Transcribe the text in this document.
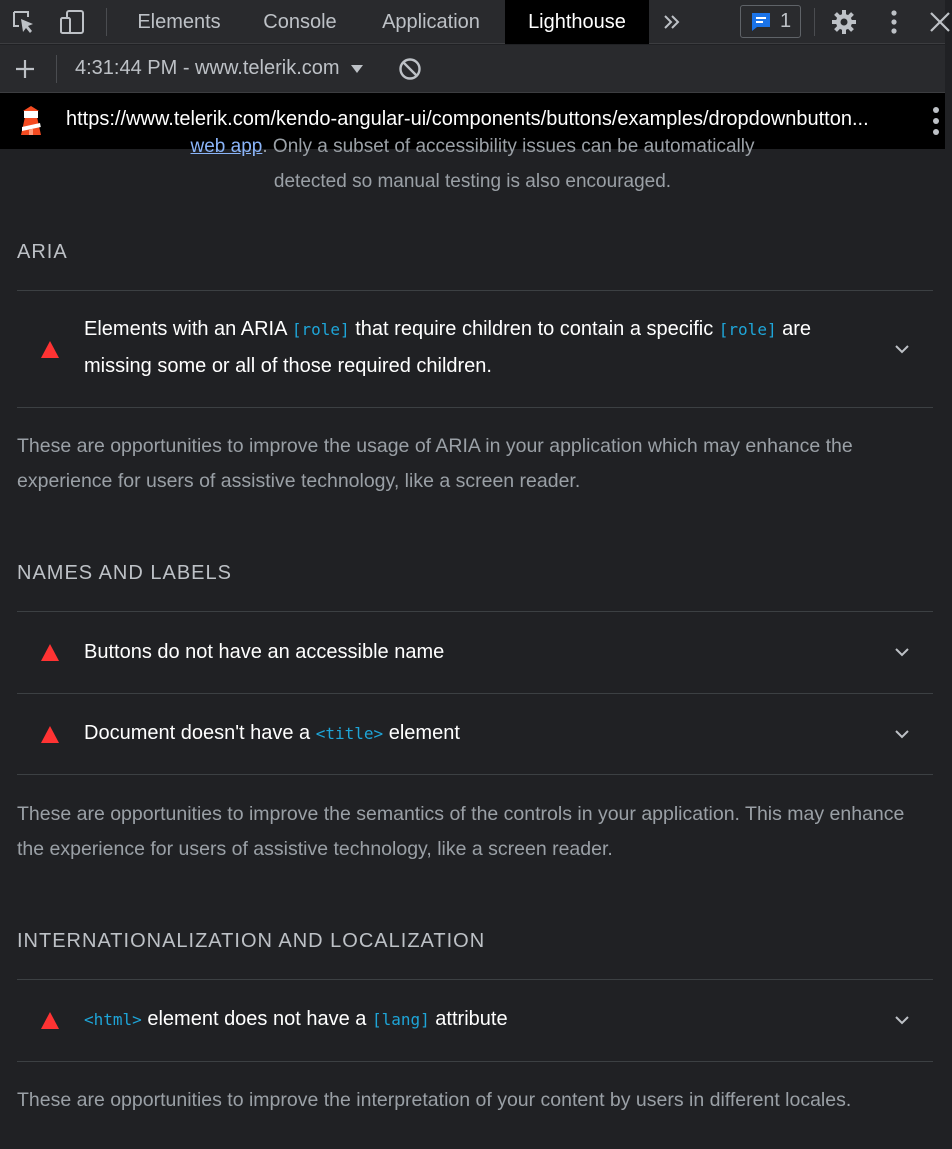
Elements	Console	Application	Lighthouse	1
4:31:44 PM - www.telerik.com
https://www.telerik.com/kendo-angular-ui/components/buttons/examples/dropdownbutton...
web app. Only a subset of accessibility issues can be automatically
detected so manual testing is also encouraged.
ARIA
Elements with an ARIA [role] that require children to contain a specific [role] are missing some or all of those required children.
These are opportunities to improve the usage of ARIA in your application which may enhance the experience for users of assistive technology, like a screen reader.
NAMES AND LABELS
Buttons do not have an accessible name
Document doesn't have a <title> element
These are opportunities to improve the semantics of the controls in your application. This may enhance the experience for users of assistive technology, like a screen reader.
INTERNATIONALIZATION AND LOCALIZATION
<html> element does not have a [lang] attribute
These are opportunities to improve the interpretation of your content by users in different locales.
